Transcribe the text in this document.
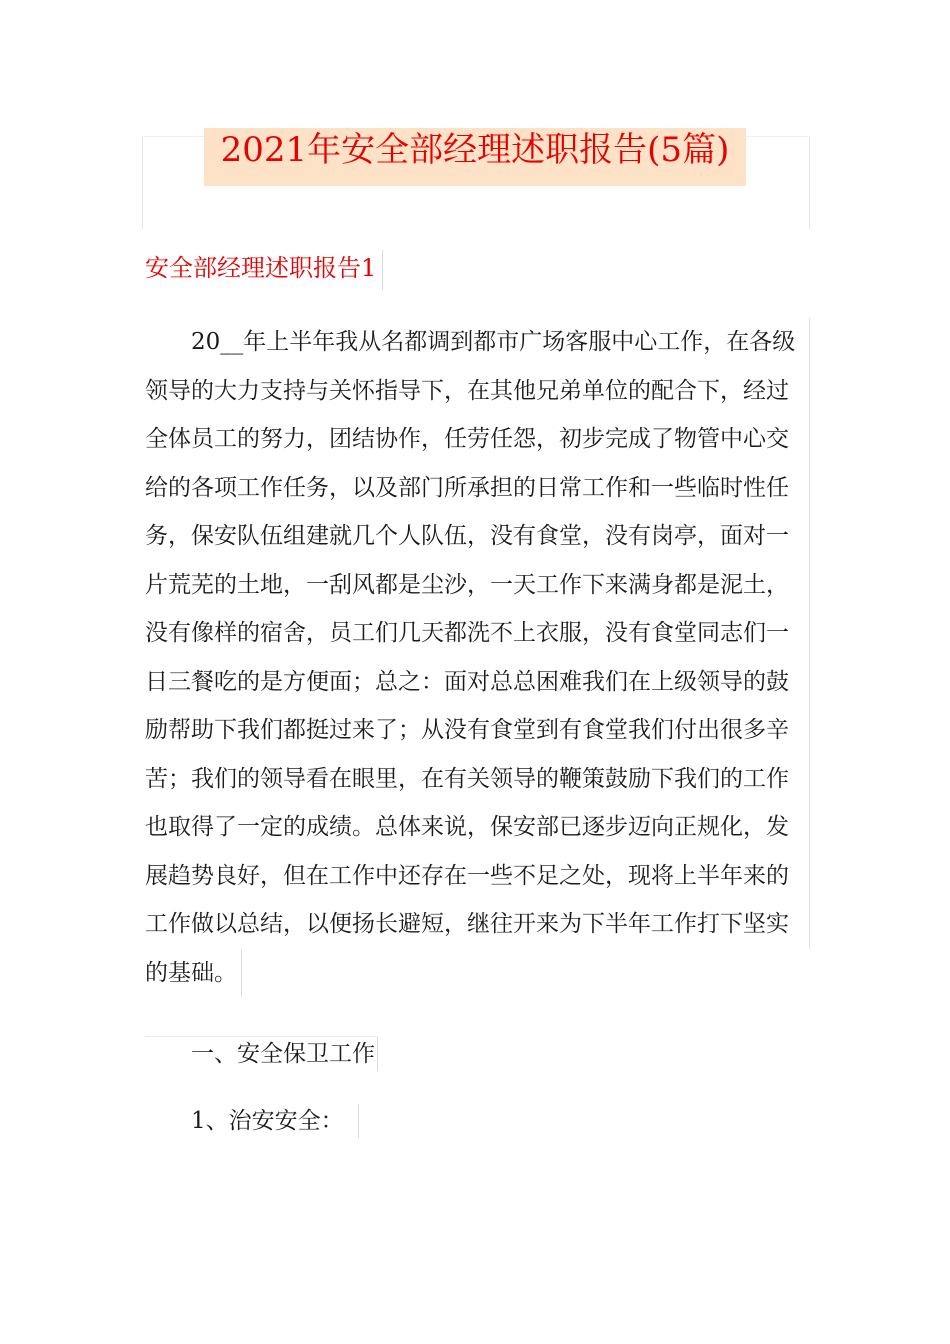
2021年安全部经理述职报告(5篇)
安全部经理述职报告1
20__年上半年我从名都调到都市广场客服中心工作，在各级
领导的大力支持与关怀指导下，在其他兄弟单位的配合下，经过
全体员工的努力，团结协作，任劳任怨，初步完成了物管中心交
给的各项工作任务，以及部门所承担的日常工作和一些临时性任
务，保安队伍组建就几个人队伍，没有食堂，没有岗亭，面对一
片荒芜的土地，一刮风都是尘沙，一天工作下来满身都是泥土，
没有像样的宿舍，员工们几天都洗不上衣服，没有食堂同志们一
日三餐吃的是方便面；总之：面对总总困难我们在上级领导的鼓
励帮助下我们都挺过来了；从没有食堂到有食堂我们付出很多辛
苦；我们的领导看在眼里，在有关领导的鞭策鼓励下我们的工作
也取得了一定的成绩。总体来说，保安部已逐步迈向正规化，发
展趋势良好，但在工作中还存在一些不足之处，现将上半年来的
工作做以总结，以便扬长避短，继往开来为下半年工作打下坚实
的基础。
一、安全保卫工作
1、治安安全：
